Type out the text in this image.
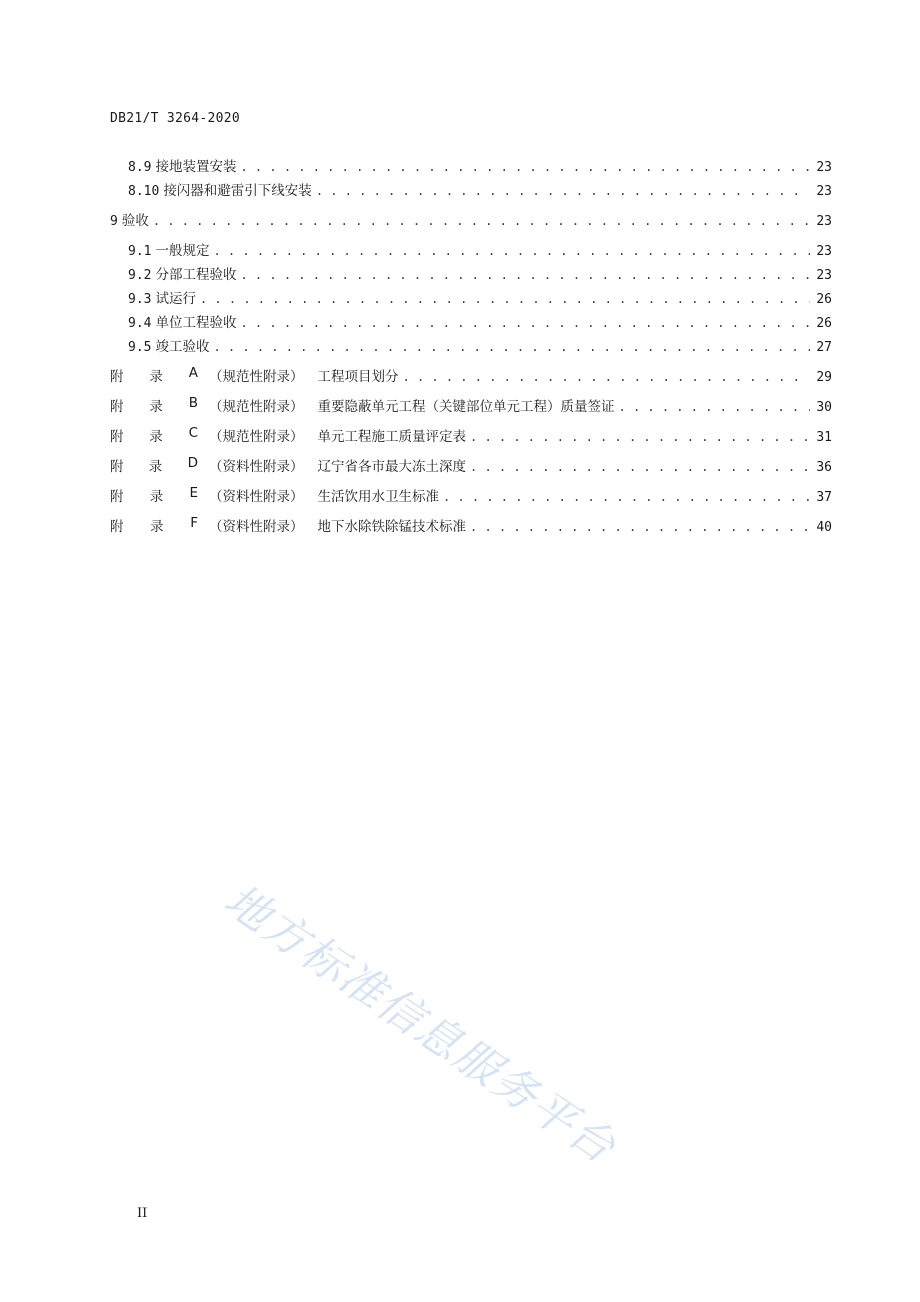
DB21/T 3264-2020
8.9 接地装置安装 . . .	23
8.10 接闪器和避雷引下线安装 . . .	23
9 验收 . . .	23
9.1 一般规定 . . .	23
9.2 分部工程验收 . . .	23
9.3 试运行 . . .	26
9.4 单位工程验收 . . .	26
9.5 竣工验收 . . .	27
附 录 A （规范性附录） 工程项目划分 . . .	29
附 录 B （规范性附录） 重要隐蔽单元工程（关键部位单元工程）质量签证 . . .	30
附 录 C （规范性附录） 单元工程施工质量评定表 . . .	31
附 录 D （资料性附录） 辽宁省各市最大冻土深度 . . .	36
附 录 E （资料性附录） 生活饮用水卫生标准 . . .	37
附 录 F （资料性附录） 地下水除铁除锰技术标准 . . .	40
地方标准信息服务平台
II
